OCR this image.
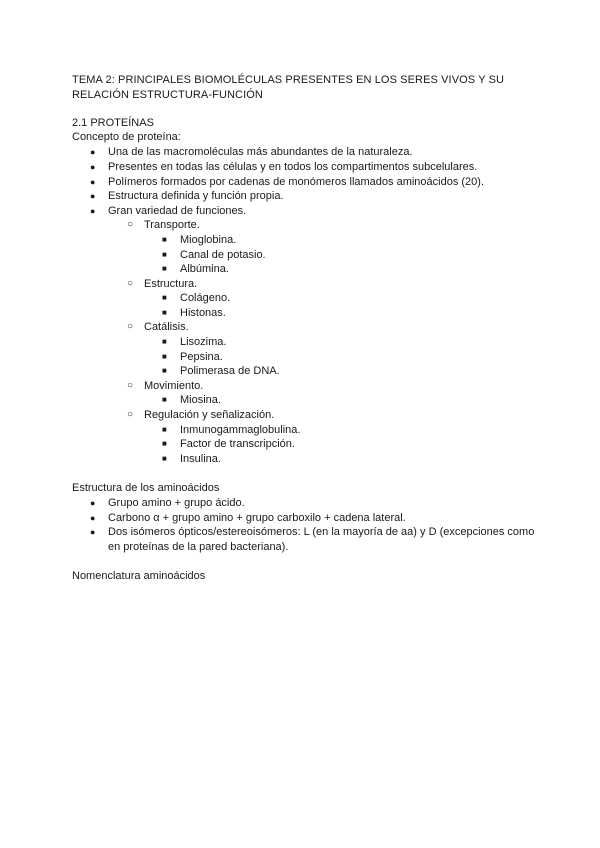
TEMA 2: PRINCIPALES BIOMOLÉCULAS PRESENTES EN LOS SERES VIVOS Y SU RELACIÓN ESTRUCTURA-FUNCIÓN
2.1 PROTEÍNAS
Concepto de proteína:
● Una de las macromoléculas más abundantes de la naturaleza.
● Presentes en todas las células y en todos los compartimentos subcelulares.
● Polímeros formados por cadenas de monómeros llamados aminoácidos (20).
● Estructura definida y función propia.
● Gran variedad de funciones.
○ Transporte.
■ Mioglobina.
■ Canal de potasio.
■ Albúmina.
○ Estructura.
■ Colágeno.
■ Histonas.
○ Catálisis.
■ Lisozima.
■ Pepsina.
■ Polimerasa de DNA.
○ Movimiento.
■ Miosina.
○ Regulación y señalización.
■ Inmunogammaglobulina.
■ Factor de transcripción.
■ Insulina.
Estructura de los aminoácidos
● Grupo amino + grupo ácido.
● Carbono α + grupo amino + grupo carboxilo + cadena lateral.
● Dos isómeros ópticos/estereoisómeros: L (en la mayoría de aa) y D (excepciones como en proteínas de la pared bacteriana).
Nomenclatura aminoácidos
